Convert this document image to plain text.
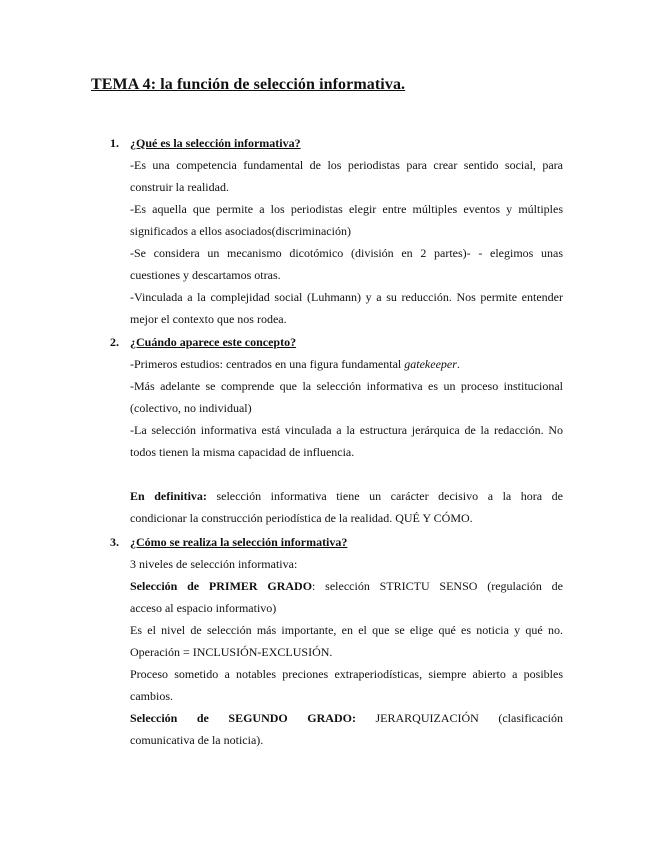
TEMA 4: la función de selección informativa.
1. ¿Qué es la selección informativa?
-Es una competencia fundamental de los periodistas para crear sentido social, para
construir la realidad.
-Es aquella que permite a los periodistas elegir entre múltiples eventos y múltiples
significados a ellos asociados(discriminación)
-Se considera un mecanismo dicotómico (división en 2 partes)- - elegimos unas
cuestiones y descartamos otras.
-Vinculada a la complejidad social (Luhmann) y a su reducción. Nos permite entender
mejor el contexto que nos rodea.
2. ¿Cuándo aparece este concepto?
-Primeros estudios: centrados en una figura fundamental gatekeeper.
-Más adelante se comprende que la selección informativa es un proceso institucional
(colectivo, no individual)
-La selección informativa está vinculada a la estructura jerárquica de la redacción. No
todos tienen la misma capacidad de influencia.

En definitiva: selección informativa tiene un carácter decisivo a la hora de
condicionar la construcción periodística de la realidad. QUÉ Y CÓMO.
3. ¿Cómo se realiza la selección informativa?
3 niveles de selección informativa:
Selección de PRIMER GRADO: selección STRICTU SENSO (regulación de
acceso al espacio informativo)
Es el nivel de selección más importante, en el que se elige qué es noticia y qué no.
Operación = INCLUSIÓN-EXCLUSIÓN.
Proceso sometido a notables preciones extraperiodísticas, siempre abierto a posibles
cambios.
Selección de SEGUNDO GRADO: JERARQUIZACIÓN (clasificación
comunicativa de la noticia).
